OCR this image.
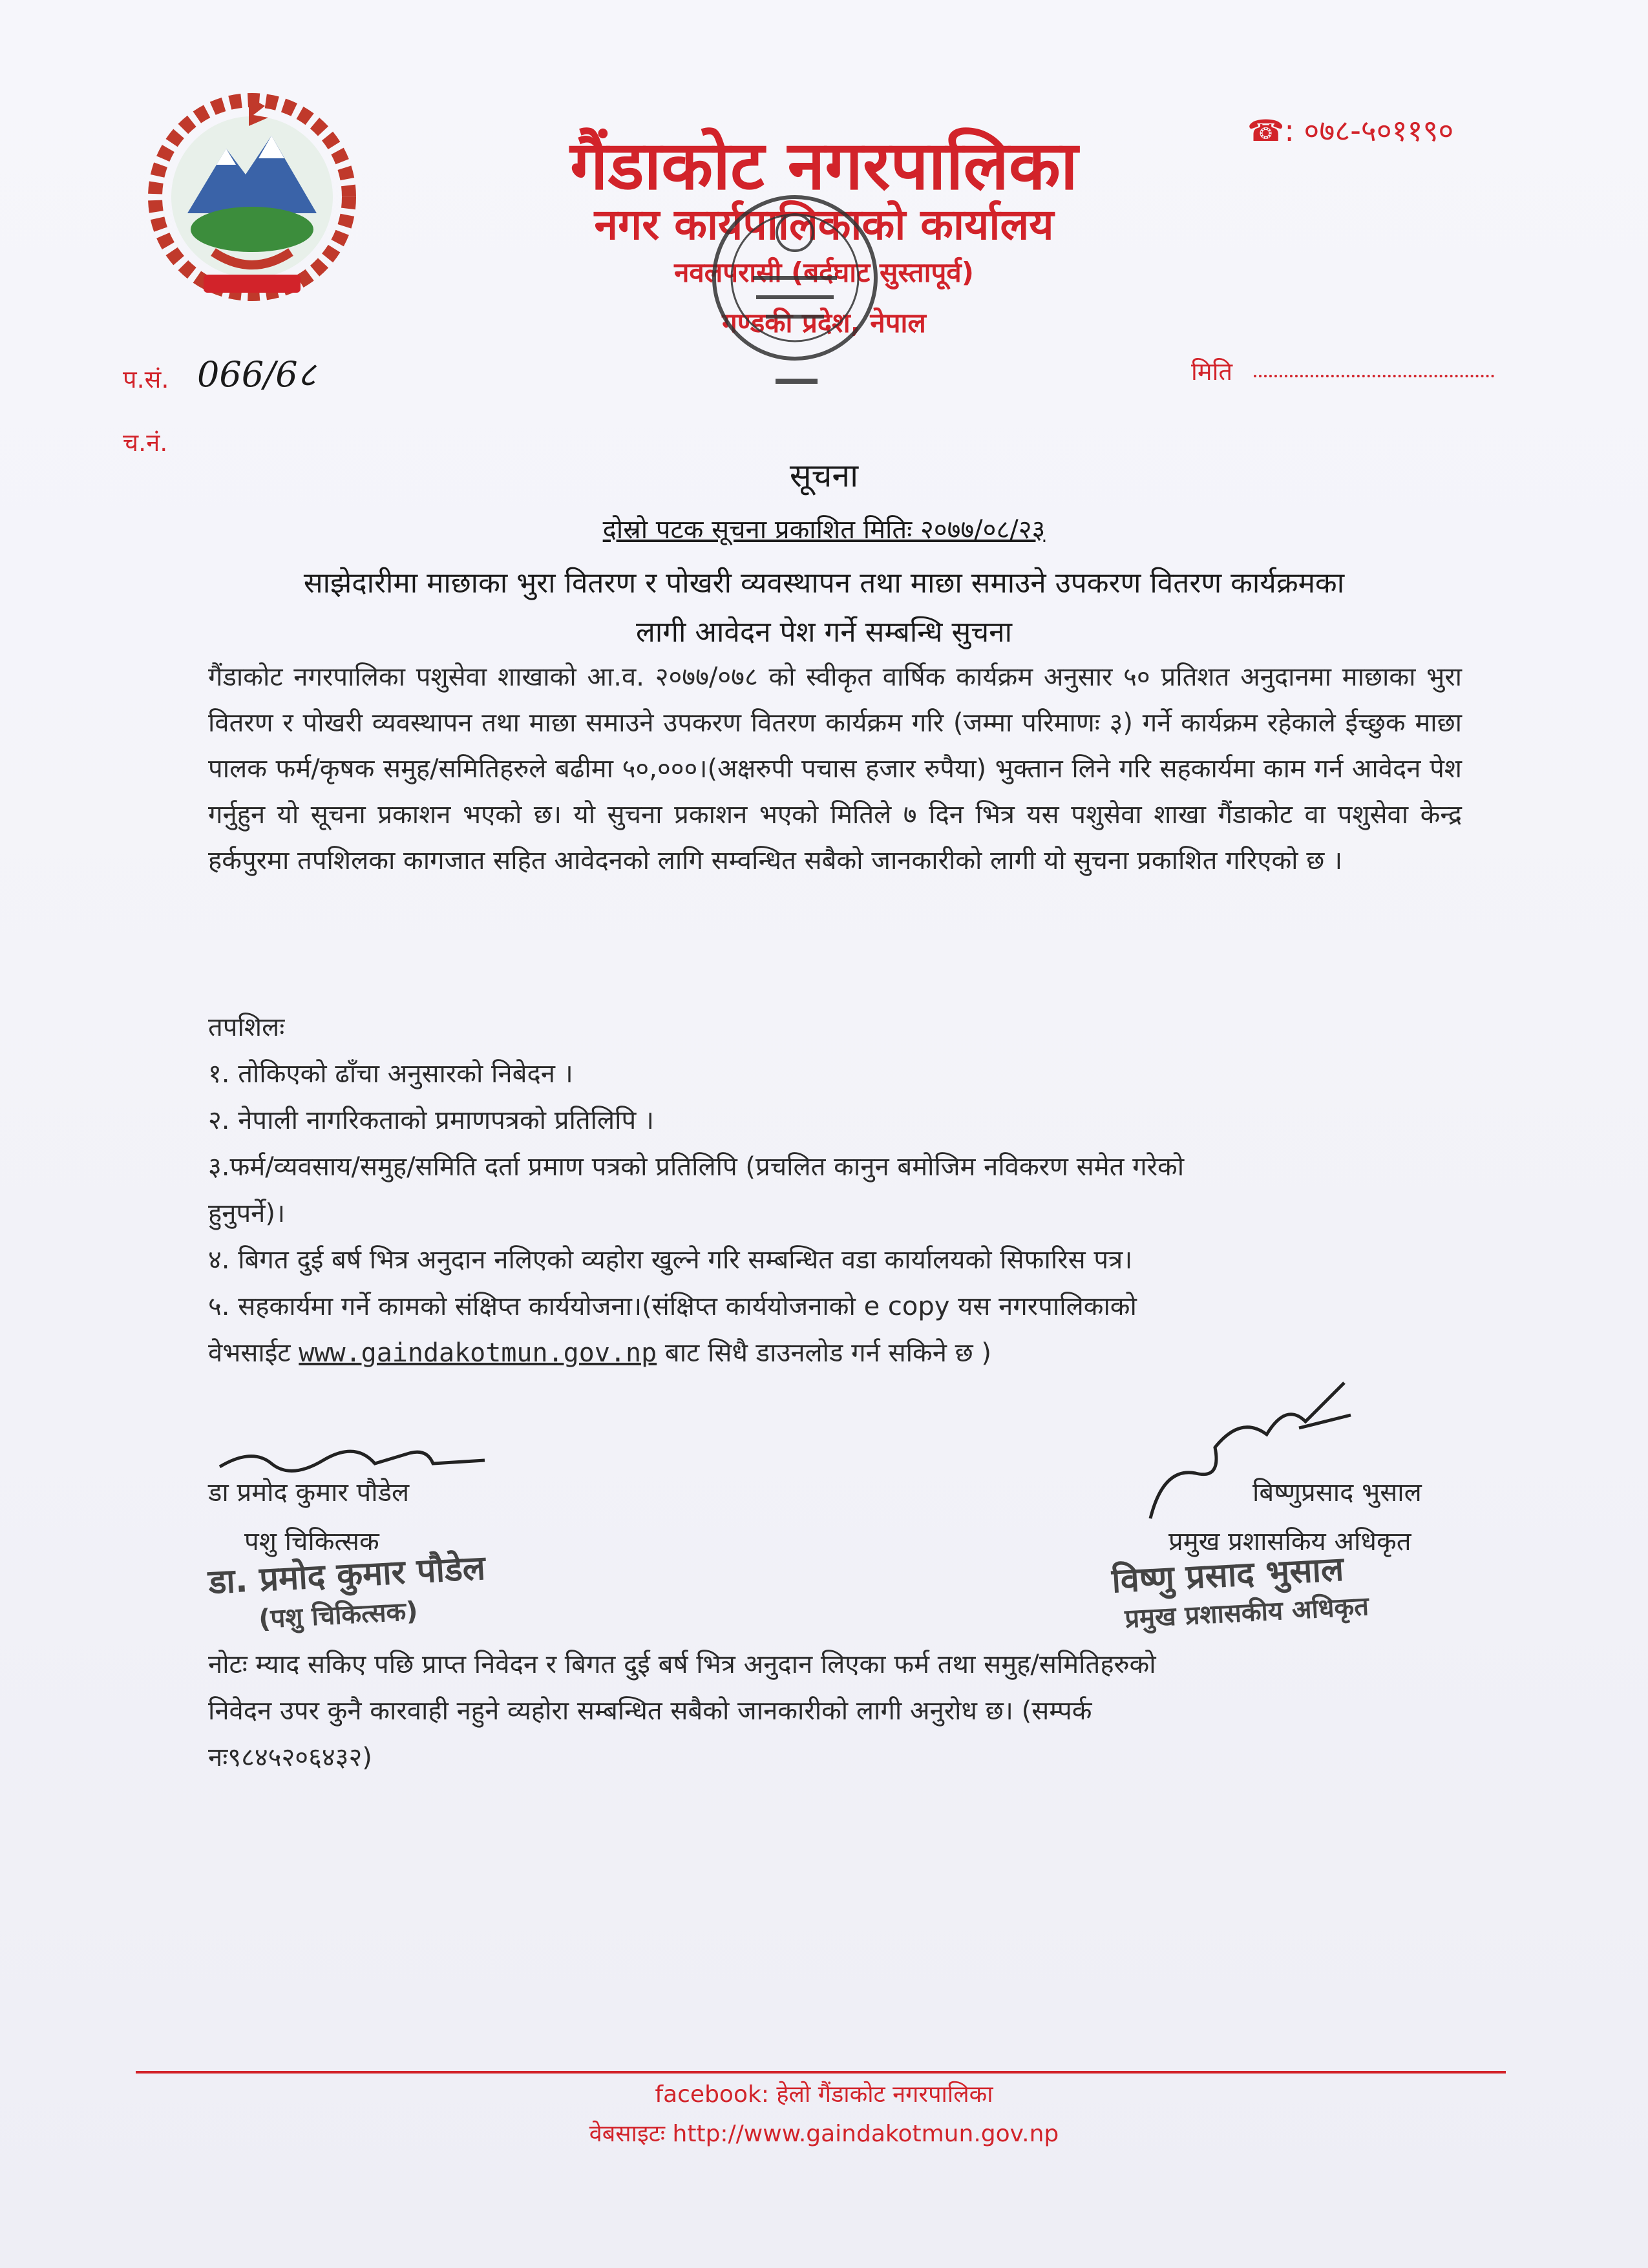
गैंडाकोट नगरपालिका
नगर कार्यपालिकाको कार्यालय
नवलपरासी (बर्दघाट सुस्तापूर्व)
गण्डकी प्रदेश, नेपाल
☎: ०७८-५०११९०
प.सं. 066/6८
च.नं.
मिति
सूचना
दोस्रो पटक सूचना प्रकाशित मितिः २०७७/०८/२३
साझेदारीमा माछाका भुरा वितरण र पोखरी व्यवस्थापन तथा माछा समाउने उपकरण वितरण कार्यक्रमका
लागी आवेदन पेश गर्ने सम्बन्धि सुचना
गैंडाकोट नगरपालिका पशुसेवा शाखाको आ.व. २०७७/०७८ को स्वीकृत वार्षिक कार्यक्रम अनुसार ५० प्रतिशत अनुदानमा माछाका भुरा वितरण र पोखरी व्यवस्थापन तथा माछा समाउने उपकरण वितरण कार्यक्रम गरि (जम्मा परिमाणः ३) गर्ने कार्यक्रम रहेकाले ईच्छुक माछा पालक फर्म/कृषक समुह/समितिहरुले बढीमा ५०,०००।(अक्षरुपी पचास हजार रुपैया) भुक्तान लिने गरि सहकार्यमा काम गर्न आवेदन पेश गर्नुहुन यो सूचना प्रकाशन भएको छ। यो सुचना प्रकाशन भएको मितिले ७ दिन भित्र यस पशुसेवा शाखा गैंडाकोट वा पशुसेवा केन्द्र हर्कपुरमा तपशिलका कागजात सहित आवेदनको लागि सम्वन्धित सबैको जानकारीको लागी यो सुचना प्रकाशित गरिएको छ ।
तपशिलः
१. तोकिएको ढाँचा अनुसारको निबेदन ।
२. नेपाली नागरिकताको प्रमाणपत्रको प्रतिलिपि ।
३.फर्म/व्यवसाय/समुह/समिति दर्ता प्रमाण पत्रको प्रतिलिपि (प्रचलित कानुन बमोजिम नविकरण समेत गरेको
हुनुपर्ने)।
४. बिगत दुई बर्ष भित्र अनुदान नलिएको व्यहोरा खुल्ने गरि सम्बन्धित वडा कार्यालयको सिफारिस पत्र।
५. सहकार्यमा गर्ने कामको संक्षिप्त कार्ययोजना।(संक्षिप्त कार्ययोजनाको e copy यस नगरपालिकाको
वेभसाईट www.gaindakotmun.gov.np बाट सिधै डाउनलोड गर्न सकिने छ )
डा प्रमोद कुमार पौडेल
पशु चिकित्सक
डा. प्रमोद कुमार पौडेल
(पशु चिकित्सक)
बिष्णुप्रसाद भुसाल
प्रमुख प्रशासकिय अधिकृत
विष्णु प्रसाद भुसाल
प्रमुख प्रशासकीय अधिकृत
नोटः म्याद सकिए पछि प्राप्त निवेदन र बिगत दुई बर्ष भित्र अनुदान लिएका फर्म तथा समुह/समितिहरुको
निवेदन उपर कुनै कारवाही नहुने व्यहोरा सम्बन्धित सबैको जानकारीको लागी अनुरोध छ। (सम्पर्क
नः९८४५२०६४३२)
facebook: हेलो गैंडाकोट नगरपालिका
वेबसाइटः http://www.gaindakotmun.gov.np
